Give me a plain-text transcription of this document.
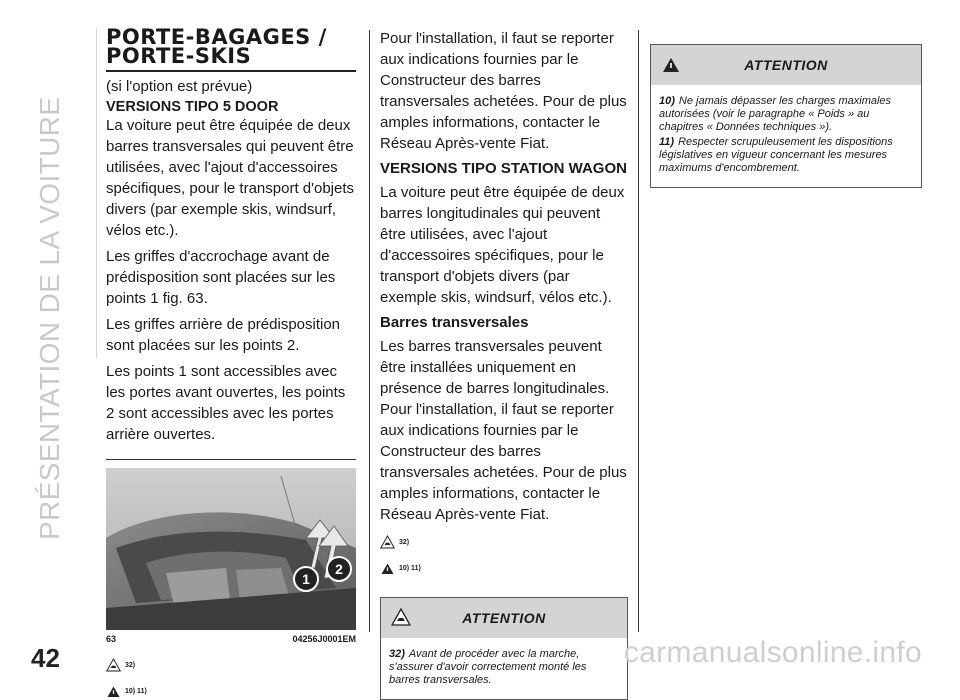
PRÉSENTATION DE LA VOITURE
42
PORTE-BAGAGES /
PORTE-SKIS
(si l'option est prévue)
VERSIONS TIPO 5 DOOR

La voiture peut être équipée de deux barres transversales qui peuvent être utilisées, avec l'ajout d'accessoires spécifiques, pour le transport d'objets divers (par exemple skis, windsurf, vélos etc.).

Les griffes d'accrochage avant de prédisposition sont placées sur les points 1 fig. 63.

Les griffes arrière de prédisposition sont placées sur les points 2.

Les points 1 sont accessibles avec les portes avant ouvertes, les points 2 sont accessibles avec les portes arrière ouvertes.

1
2
63	04256J0001EM
32)
10) 11)

Pour l'installation, il faut se reporter aux indications fournies par le Constructeur des barres transversales achetées. Pour de plus amples informations, contacter le Réseau Après-vente Fiat.

VERSIONS TIPO STATION WAGON

La voiture peut être équipée de deux barres longitudinales qui peuvent être utilisées, avec l'ajout d'accessoires spécifiques, pour le transport d'objets divers (par exemple skis, windsurf, vélos etc.).

Barres transversales

Les barres transversales peuvent être installées uniquement en présence de barres longitudinales. Pour l'installation, il faut se reporter aux indications fournies par le Constructeur des barres transversales achetées. Pour de plus amples informations, contacter le Réseau Après-vente Fiat.

32)
10) 11)
ATTENTION
32) Avant de procéder avec la marche, s'assurer d'avoir correctement monté les barres transversales.
ATTENTION
10) Ne jamais dépasser les charges maximales autorisées (voir le paragraphe « Poids » au chapitres « Données techniques »).
11) Respecter scrupuleusement les dispositions législatives en vigueur concernant les mesures maximums d'encombrement.
carmanualsonline.info
